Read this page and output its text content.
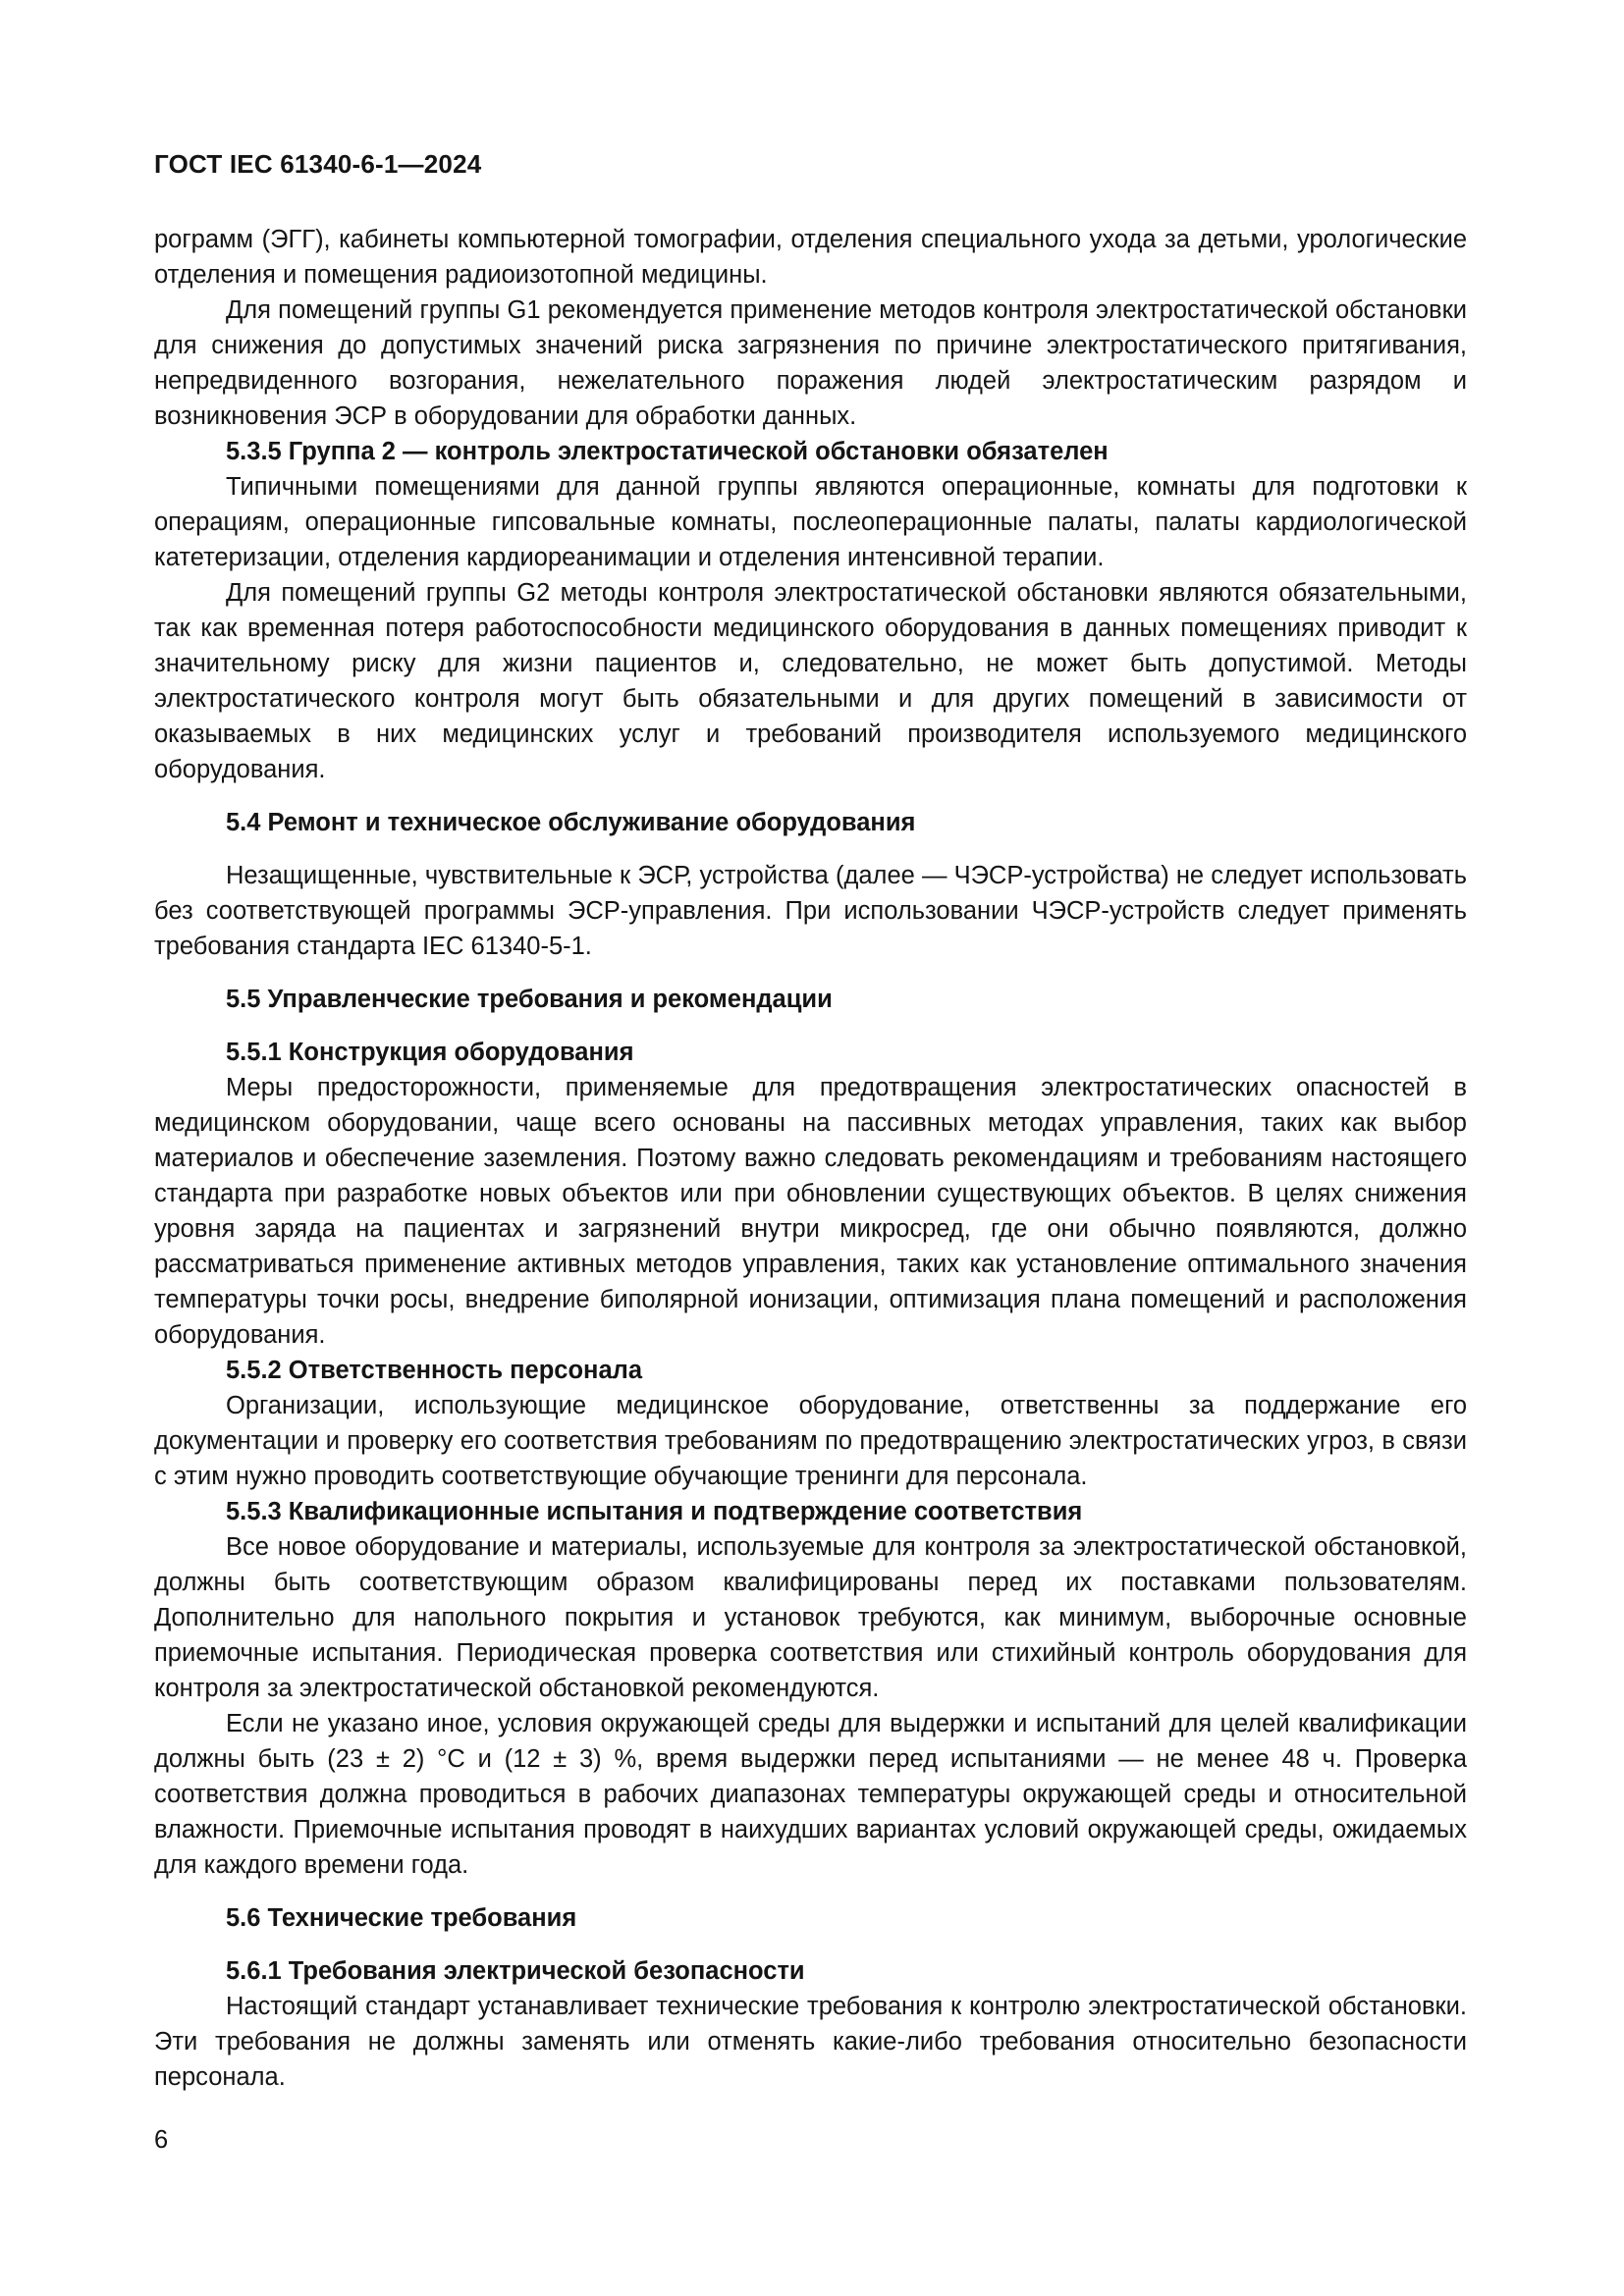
ГОСТ IEC 61340-6-1—2024

рограмм (ЭГГ), кабинеты компьютерной томографии, отделения специального ухода за детьми, урологические отделения и помещения радиоизотопной медицины.

Для помещений группы G1 рекомендуется применение методов контроля электростатической обстановки для снижения до допустимых значений риска загрязнения по причине электростатического притягивания, непредвиденного возгорания, нежелательного поражения людей электростатическим разрядом и возникновения ЭСР в оборудовании для обработки данных.

5.3.5 Группа 2 — контроль электростатической обстановки обязателен

Типичными помещениями для данной группы являются операционные, комнаты для подготовки к операциям, операционные гипсовальные комнаты, послеоперационные палаты, палаты кардиологической катетеризации, отделения кардиореанимации и отделения интенсивной терапии.

Для помещений группы G2 методы контроля электростатической обстановки являются обязательными, так как временная потеря работоспособности медицинского оборудования в данных помещениях приводит к значительному риску для жизни пациентов и, следовательно, не может быть допустимой. Методы электростатического контроля могут быть обязательными и для других помещений в зависимости от оказываемых в них медицинских услуг и требований производителя используемого медицинского оборудования.

5.4 Ремонт и техническое обслуживание оборудования

Незащищенные, чувствительные к ЭСР, устройства (далее — ЧЭСР-устройства) не следует использовать без соответствующей программы ЭСР-управления. При использовании ЧЭСР-устройств следует применять требования стандарта IEC 61340-5-1.

5.5 Управленческие требования и рекомендации

5.5.1 Конструкция оборудования

Меры предосторожности, применяемые для предотвращения электростатических опасностей в медицинском оборудовании, чаще всего основаны на пассивных методах управления, таких как выбор материалов и обеспечение заземления. Поэтому важно следовать рекомендациям и требованиям настоящего стандарта при разработке новых объектов или при обновлении существующих объектов. В целях снижения уровня заряда на пациентах и загрязнений внутри микросред, где они обычно появляются, должно рассматриваться применение активных методов управления, таких как установление оптимального значения температуры точки росы, внедрение биполярной ионизации, оптимизация плана помещений и расположения оборудования.

5.5.2 Ответственность персонала

Организации, использующие медицинское оборудование, ответственны за поддержание его документации и проверку его соответствия требованиям по предотвращению электростатических угроз, в связи с этим нужно проводить соответствующие обучающие тренинги для персонала.

5.5.3 Квалификационные испытания и подтверждение соответствия

Все новое оборудование и материалы, используемые для контроля за электростатической обстановкой, должны быть соответствующим образом квалифицированы перед их поставками пользователям. Дополнительно для напольного покрытия и установок требуются, как минимум, выборочные основные приемочные испытания. Периодическая проверка соответствия или стихийный контроль оборудования для контроля за электростатической обстановкой рекомендуются.

Если не указано иное, условия окружающей среды для выдержки и испытаний для целей квалификации должны быть (23 ± 2) °С и (12 ± 3) %, время выдержки перед испытаниями — не менее 48 ч. Проверка соответствия должна проводиться в рабочих диапазонах температуры окружающей среды и относительной влажности. Приемочные испытания проводят в наихудших вариантах условий окружающей среды, ожидаемых для каждого времени года.

5.6 Технические требования

5.6.1 Требования электрической безопасности

Настоящий стандарт устанавливает технические требования к контролю электростатической обстановки. Эти требования не должны заменять или отменять какие-либо требования относительно безопасности персонала.

6
